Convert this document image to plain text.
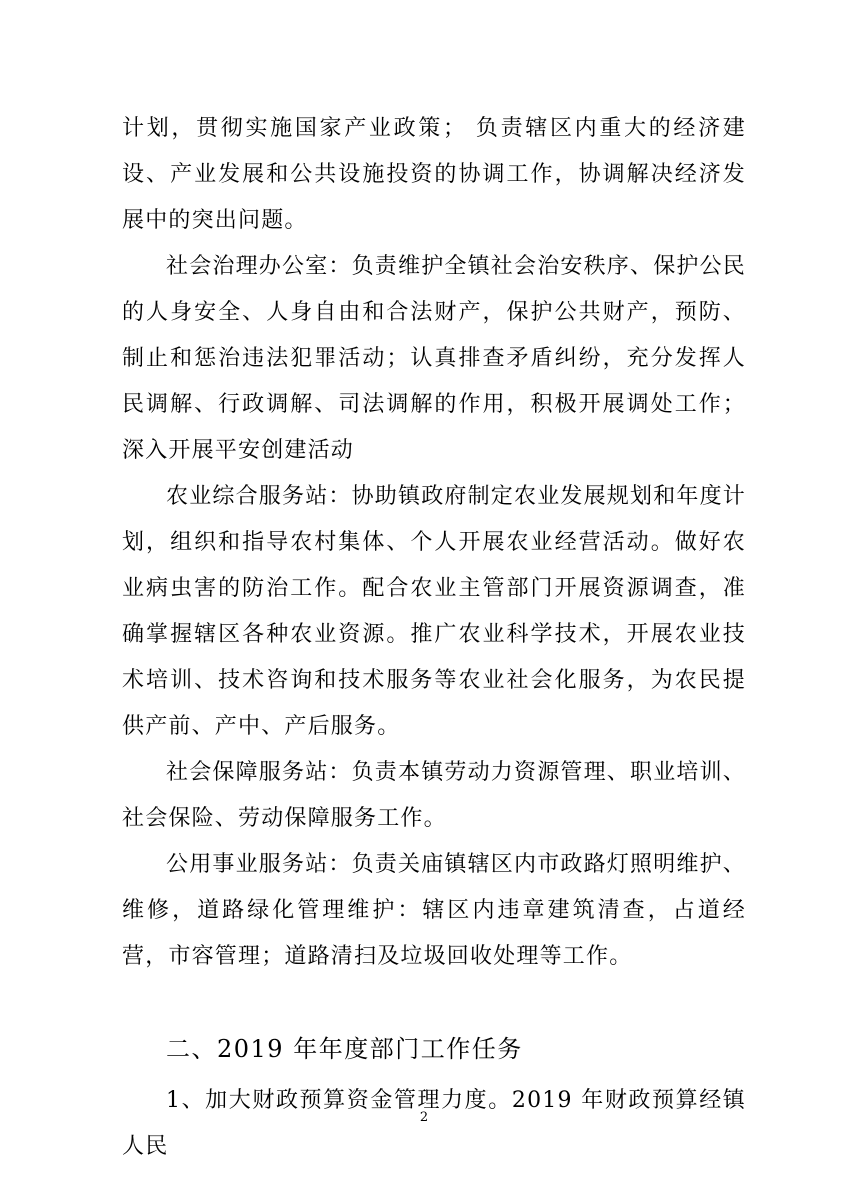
计划，贯彻实施国家产业政策； 负责辖区内重大的经济建设、产业发展和公共设施投资的协调工作，协调解决经济发展中的突出问题。

社会治理办公室：负责维护全镇社会治安秩序、保护公民的人身安全、人身自由和合法财产，保护公共财产，预防、制止和惩治违法犯罪活动；认真排查矛盾纠纷，充分发挥人民调解、行政调解、司法调解的作用，积极开展调处工作；深入开展平安创建活动

农业综合服务站：协助镇政府制定农业发展规划和年度计划，组织和指导农村集体、个人开展农业经营活动。做好农业病虫害的防治工作。配合农业主管部门开展资源调查，准确掌握辖区各种农业资源。推广农业科学技术，开展农业技术培训、技术咨询和技术服务等农业社会化服务，为农民提供产前、产中、产后服务。

社会保障服务站：负责本镇劳动力资源管理、职业培训、社会保险、劳动保障服务工作。

公用事业服务站：负责关庙镇辖区内市政路灯照明维护、维修，道路绿化管理维护：辖区内违章建筑清查，占道经营，市容管理；道路清扫及垃圾回收处理等工作。

二、2019 年年度部门工作任务

1、加大财政预算资金管理力度。2019 年财政预算经镇人民

2
